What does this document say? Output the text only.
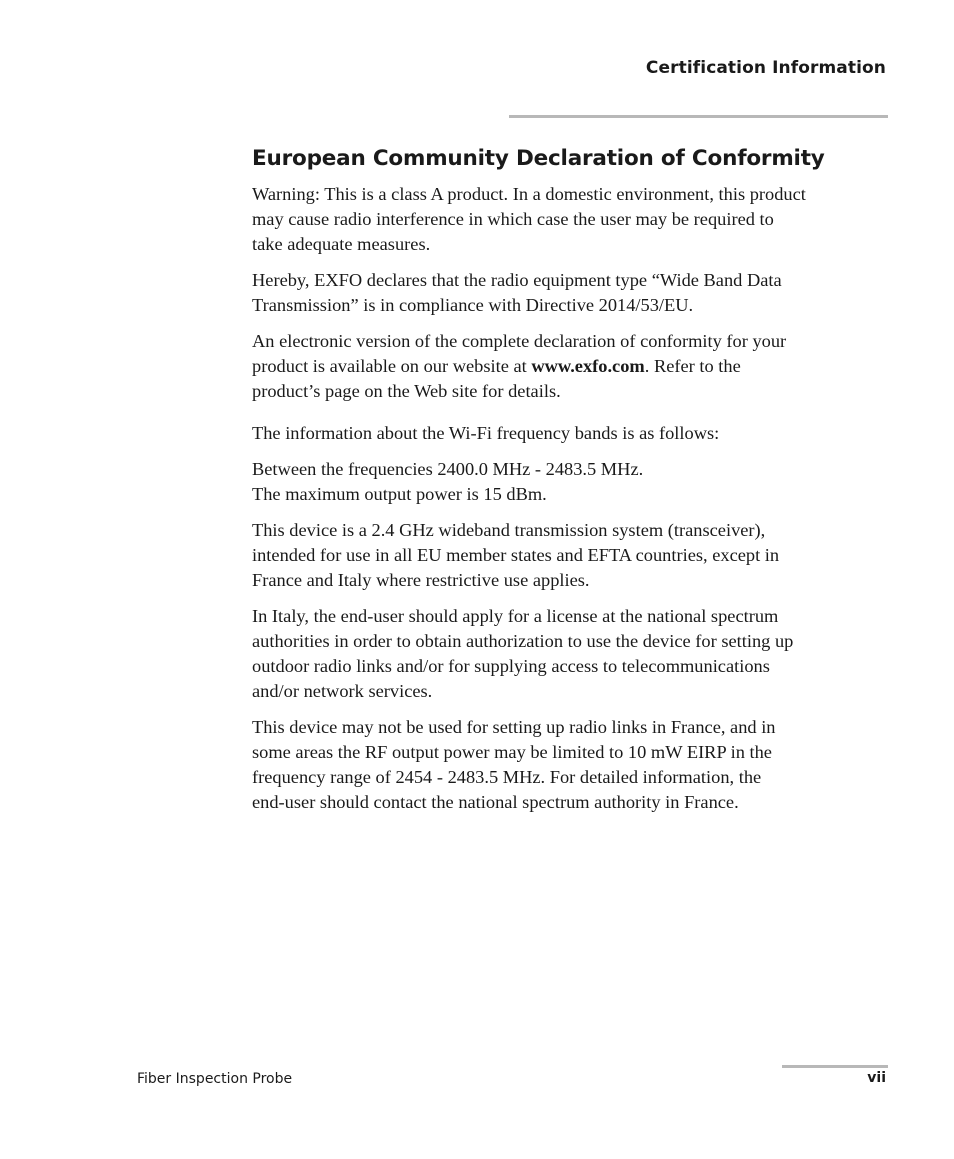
Certification Information
European Community Declaration of Conformity

Warning: This is a class A product. In a domestic environment, this product
may cause radio interference in which case the user may be required to
take adequate measures.

Hereby, EXFO declares that the radio equipment type “Wide Band Data
Transmission” is in compliance with Directive 2014/53/EU.

An electronic version of the complete declaration of conformity for your
product is available on our website at www.exfo.com. Refer to the
product’s page on the Web site for details.

The information about the Wi-Fi frequency bands is as follows:

Between the frequencies 2400.0 MHz - 2483.5 MHz.
The maximum output power is 15 dBm.

This device is a 2.4 GHz wideband transmission system (transceiver),
intended for use in all EU member states and EFTA countries, except in
France and Italy where restrictive use applies.

In Italy, the end-user should apply for a license at the national spectrum
authorities in order to obtain authorization to use the device for setting up
outdoor radio links and/or for supplying access to telecommunications
and/or network services.

This device may not be used for setting up radio links in France, and in
some areas the RF output power may be limited to 10 mW EIRP in the
frequency range of 2454 - 2483.5 MHz. For detailed information, the
end-user should contact the national spectrum authority in France.

Fiber Inspection Probe	vii
